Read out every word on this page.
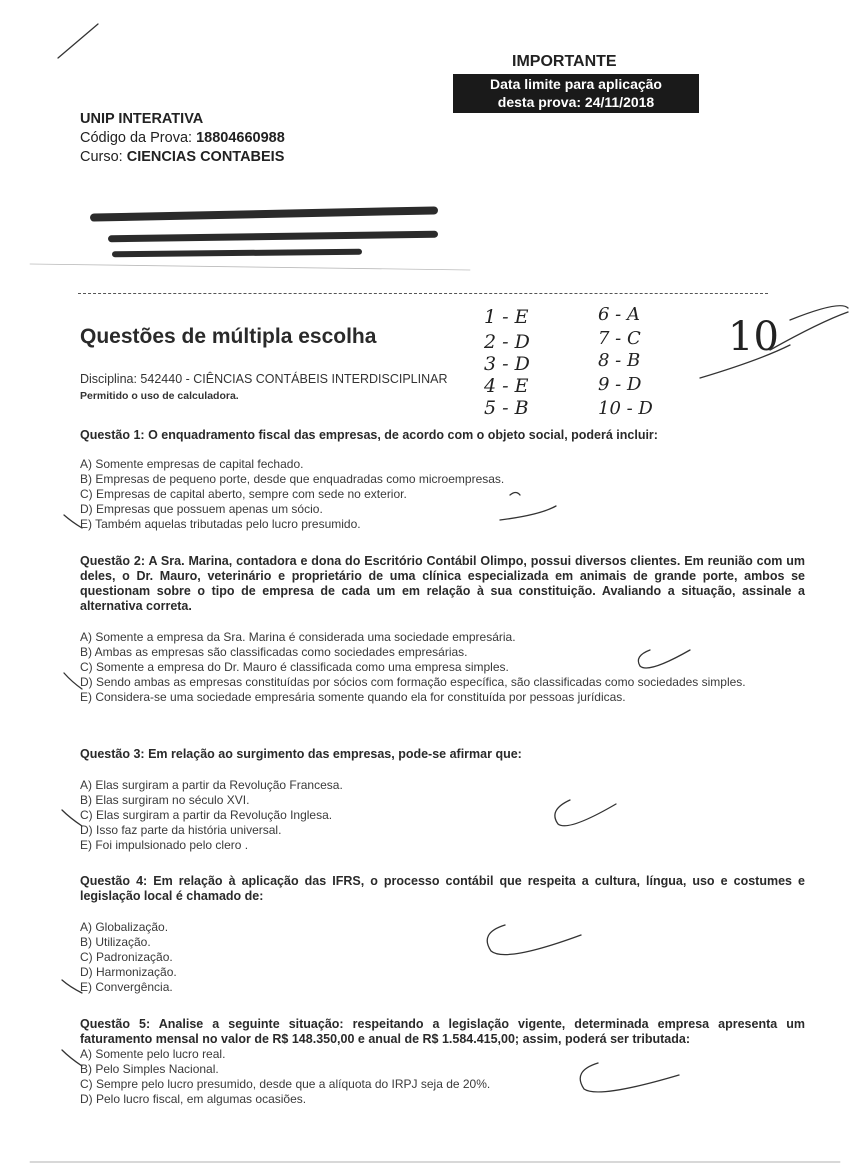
IMPORTANTE
Data limite para aplicação
desta prova: 24/11/2018
UNIP INTERATIVA
Código da Prova: 18804660988
Curso: CIENCIAS CONTABEIS
Questões de múltipla escolha
Disciplina: 542440 - CIÊNCIAS CONTÁBEIS INTERDISCIPLINAR
Permitido o uso de calculadora.
Questão 1: O enquadramento fiscal das empresas, de acordo com o objeto social, poderá incluir:
A) Somente empresas de capital fechado.
B) Empresas de pequeno porte, desde que enquadradas como microempresas.
C) Empresas de capital aberto, sempre com sede no exterior.
D) Empresas que possuem apenas um sócio.
E) Também aquelas tributadas pelo lucro presumido.
Questão 2: A Sra. Marina, contadora e dona do Escritório Contábil Olimpo, possui diversos clientes. Em reunião com um deles, o Dr. Mauro, veterinário e proprietário de uma clínica especializada em animais de grande porte, ambos se questionam sobre o tipo de empresa de cada um em relação à sua constituição. Avaliando a situação, assinale a alternativa correta.
A) Somente a empresa da Sra. Marina é considerada uma sociedade empresária.
B) Ambas as empresas são classificadas como sociedades empresárias.
C) Somente a empresa do Dr. Mauro é classificada como uma empresa simples.
D) Sendo ambas as empresas constituídas por sócios com formação específica, são classificadas como sociedades simples.
E) Considera-se uma sociedade empresária somente quando ela for constituída por pessoas jurídicas.
Questão 3: Em relação ao surgimento das empresas, pode-se afirmar que:
A) Elas surgiram a partir da Revolução Francesa.
B) Elas surgiram no século XVI.
C) Elas surgiram a partir da Revolução Inglesa.
D) Isso faz parte da história universal.
E) Foi impulsionado pelo clero .
Questão 4: Em relação à aplicação das IFRS, o processo contábil que respeita a cultura, língua, uso e costumes e legislação local é chamado de:
A) Globalização.
B) Utilização.
C) Padronização.
D) Harmonização.
E) Convergência.
Questão 5: Analise a seguinte situação: respeitando a legislação vigente, determinada empresa apresenta um faturamento mensal no valor de R$ 148.350,00 e anual de R$ 1.584.415,00; assim, poderá ser tributada:
A) Somente pelo lucro real.
B) Pelo Simples Nacional.
C) Sempre pelo lucro presumido, desde que a alíquota do IRPJ seja de 20%.
D) Pelo lucro fiscal, em algumas ocasiões.
1 - E
2 - D
3 - D
4 - E
5 - B
6 - A
7 - C
8 - B
9 - D
10 - D
10
